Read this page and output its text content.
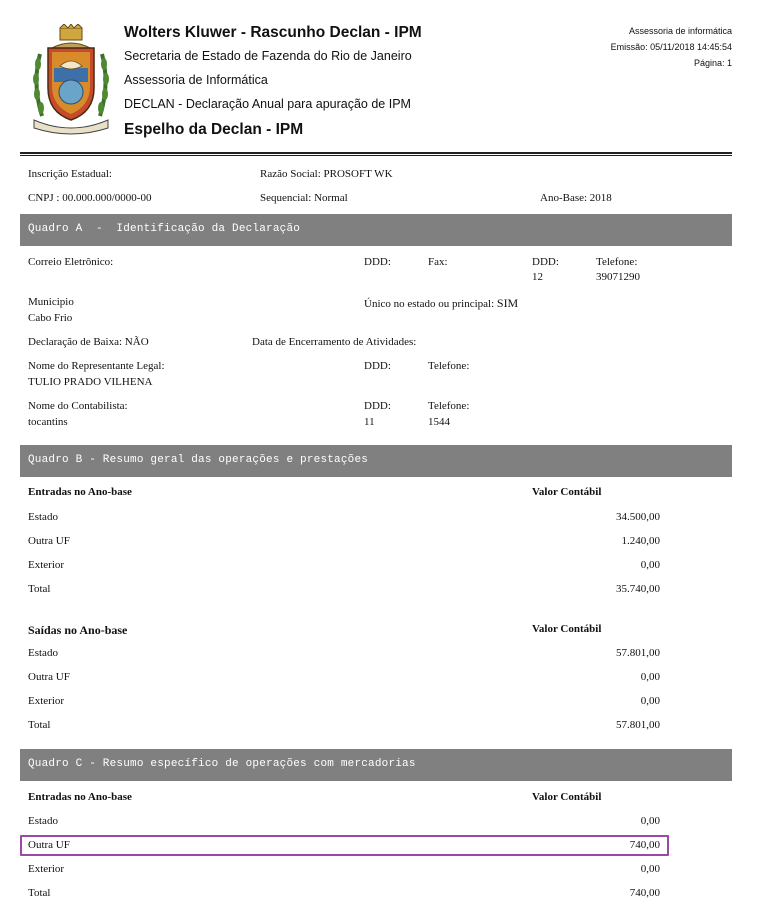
Wolters Kluwer - Rascunho Declan - IPM
Secretaria de Estado de Fazenda do Rio de Janeiro
Assessoria de Informática
DECLAN - Declaração Anual para apuração de IPM
Espelho da Declan - IPM
Assessoria de informática
Emissão: 05/11/2018 14:45:54
Página: 1
Inscrição Estadual:	Razão Social: PROSOFT WK
CNPJ : 00.000.000/0000-00	Sequencial: Normal	Ano-Base: 2018
Quadro A  -  Identificação da Declaração
Correio Eletrônico:	DDD:	Fax:	DDD:
12
Telefone:
39071290
Municipio
Cabo Frio
Único no estado ou principal: SIM
Declaração de Baixa: NÃO	Data de Encerramento de Atividades:
Nome do Representante Legal:
TULIO PRADO VILHENA
DDD:	Telefone:
Nome do Contabilista:
tocantins
DDD:
11
Telefone:
1544
Quadro B - Resumo geral das operações e prestações
Entradas no Ano-base	Valor Contábil
Estado	34.500,00
Outra UF	1.240,00
Exterior	0,00
Total	35.740,00
Saídas no Ano-base	Valor Contábil
Estado	57.801,00
Outra UF	0,00
Exterior	0,00
Total	57.801,00
Quadro C - Resumo específico de operações com mercadorias
Entradas no Ano-base	Valor Contábil
Estado	0,00
Outra UF	740,00
Exterior	0,00
Total	740,00
